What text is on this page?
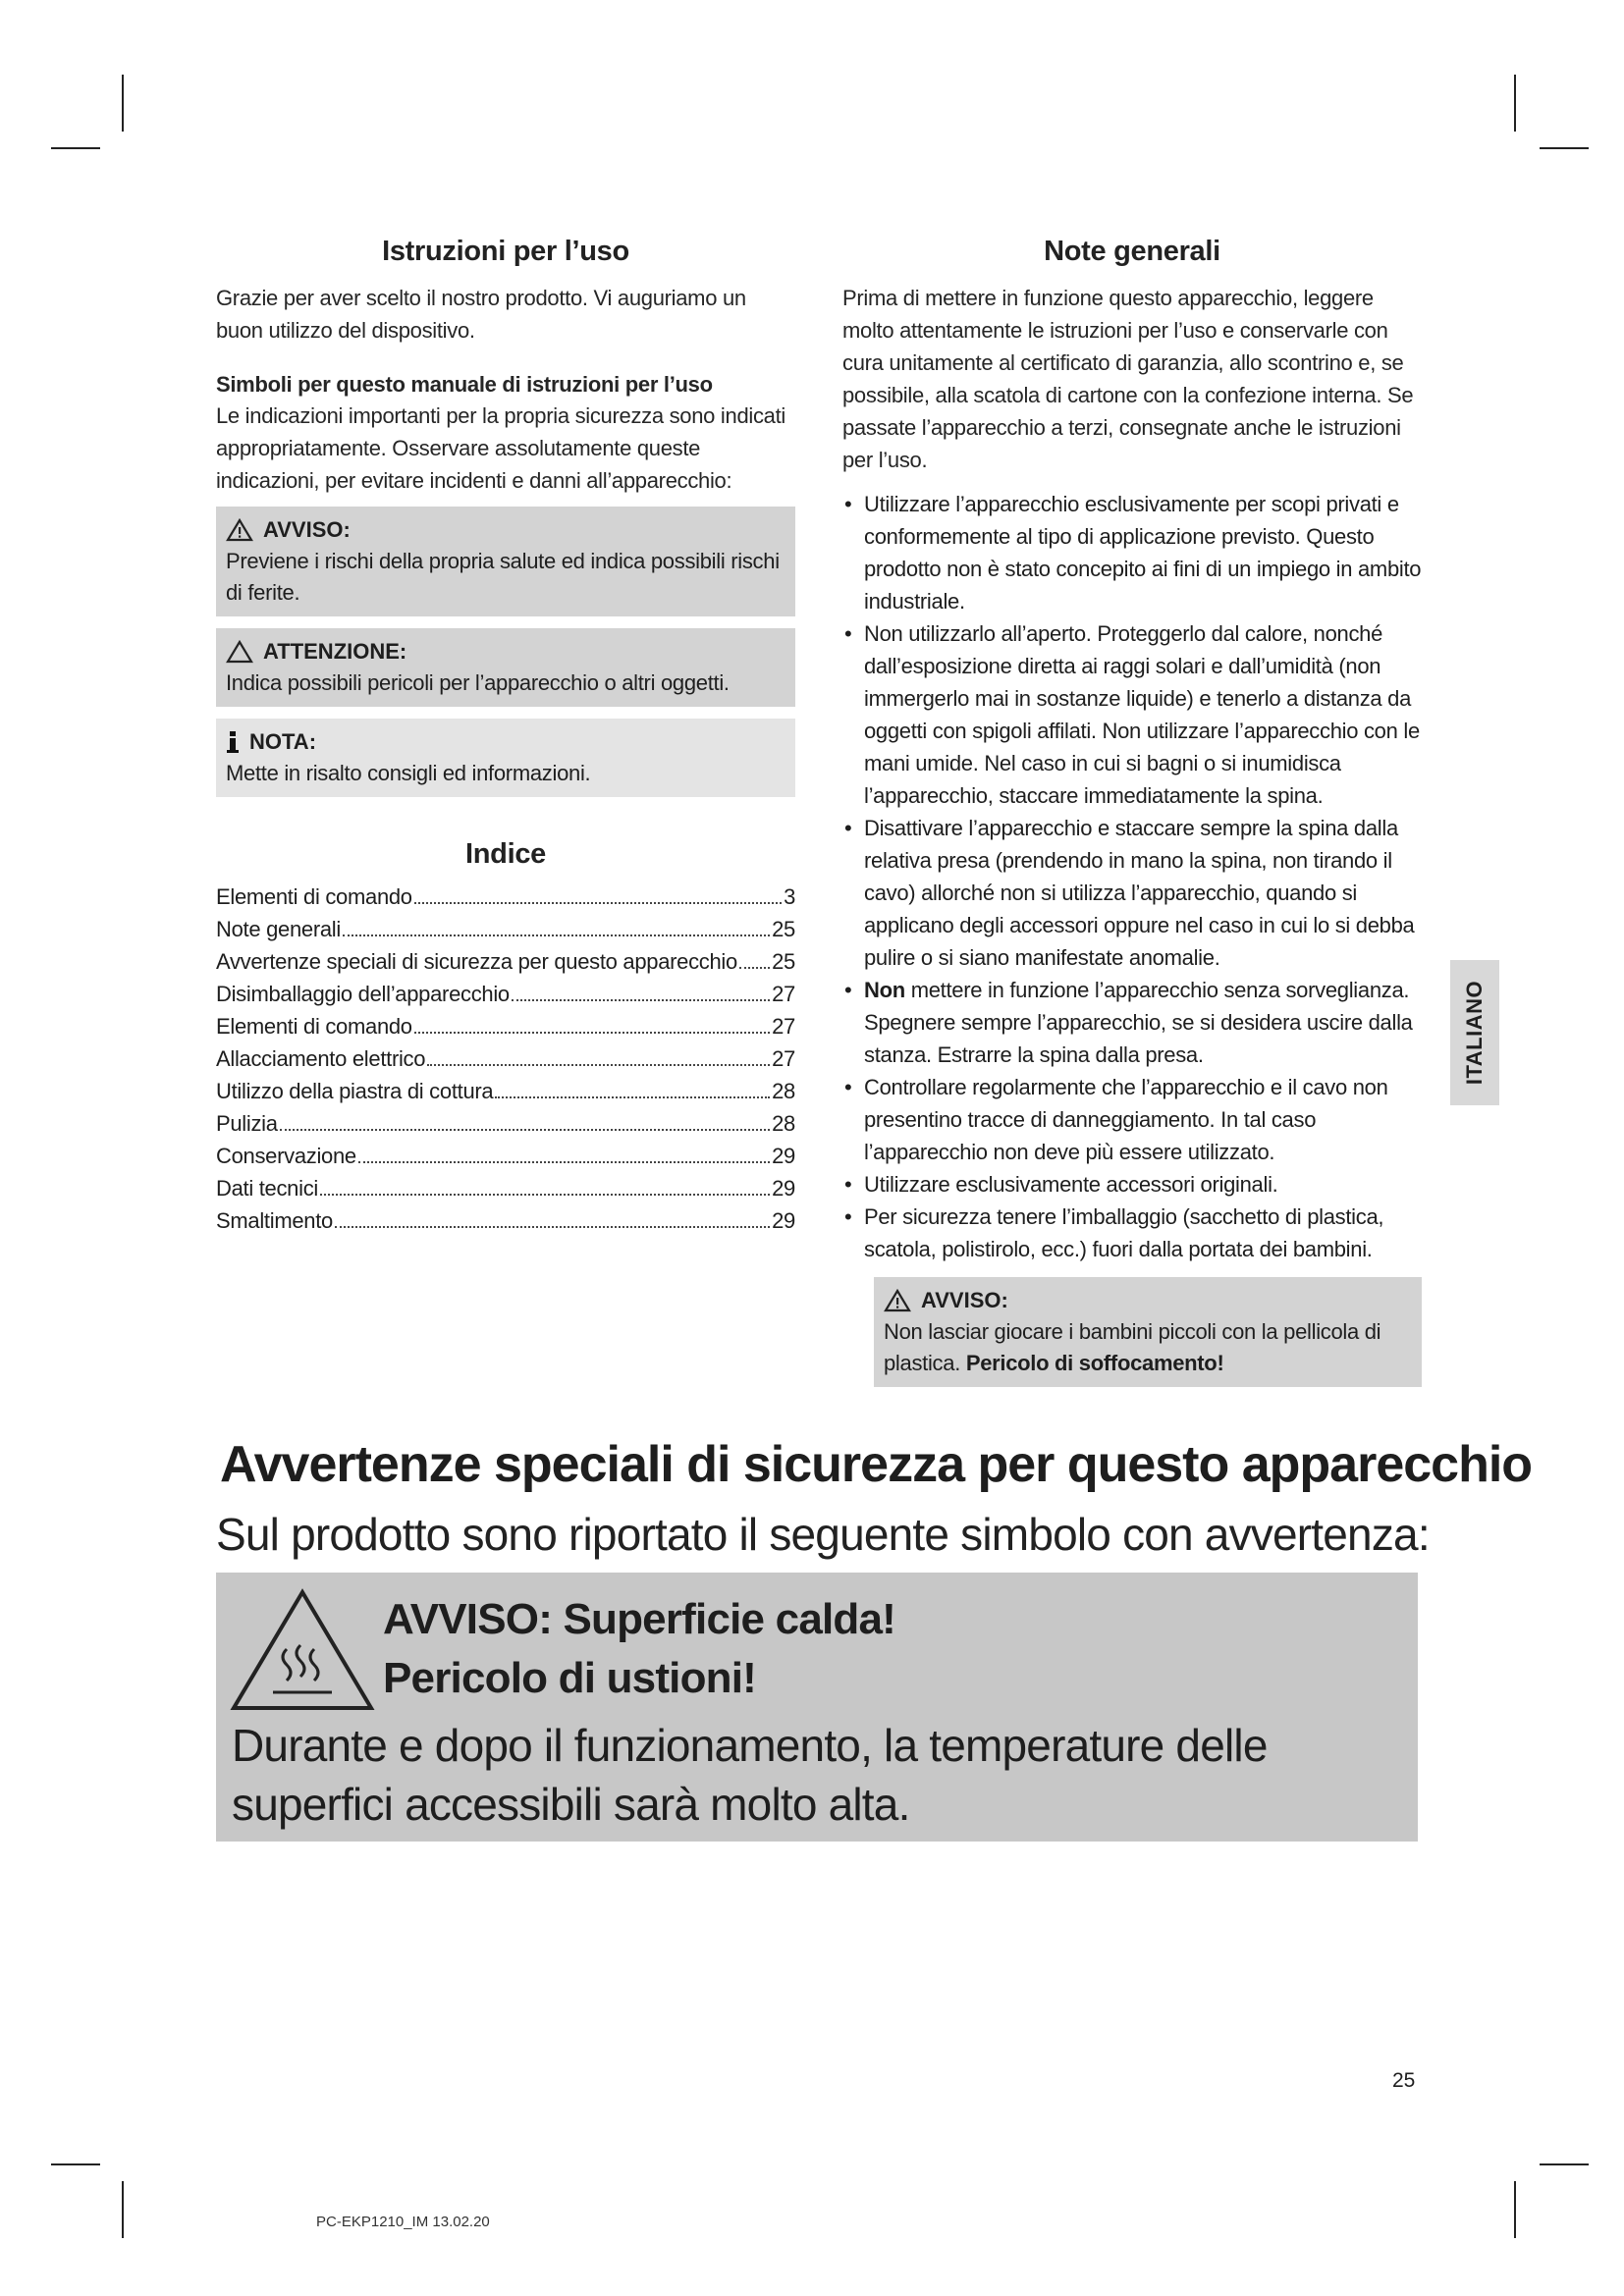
Istruzioni per l’uso

Grazie per aver scelto il nostro prodotto. Vi auguriamo un buon utilizzo del dispositivo.

Simboli per questo manuale di istruzioni per l’uso

Le indicazioni importanti per la propria sicurezza sono indicati appropriatamente. Osservare assolutamente queste indicazioni, per evitare incidenti e danni all’apparecchio:

AVVISO:
Previene i rischi della propria salute ed indica possibili rischi di ferite.
ATTENZIONE:
Indica possibili pericoli per l’apparecchio o altri oggetti.
NOTA:
Mette in risalto consigli ed informazioni.
Indice
Elementi di comando	3
Note generali	25
Avvertenze speciali di sicurezza per questo apparecchio 25
Disimballaggio dell’apparecchio	27
Elementi di comando	27
Allacciamento elettrico	27
Utilizzo della piastra di cottura	28
Pulizia	28
Conservazione	29
Dati tecnici	29
Smaltimento	29
Note generali

Prima di mettere in funzione questo apparecchio, leggere molto attentamente le istruzioni per l’uso e conservarle con cura unitamente al certificato di garanzia, allo scontrino e, se possibile, alla scatola di cartone con la confezione interna. Se passate l’apparecchio a terzi, consegnate anche le istruzioni per l’uso.

• Utilizzare l’apparecchio esclusivamente per scopi privati e conformemente al tipo di applicazione previsto. Questo prodotto non è stato concepito ai fini di un impiego in ambito industriale.
• Non utilizzarlo all’aperto. Proteggerlo dal calore, nonché dall’esposizione diretta ai raggi solari e dall’umidità (non immergerlo mai in sostanze liquide) e tenerlo a distanza da oggetti con spigoli affilati. Non utilizzare l’apparecchio con le mani umide. Nel caso in cui si bagni o si inumidisca l’apparecchio, staccare immediatamente la spina.
• Disattivare l’apparecchio e staccare sempre la spina dalla relativa presa (prendendo in mano la spina, non tirando il cavo) allorché non si utilizza l’apparecchio, quando si applicano degli accessori oppure nel caso in cui lo si debba pulire o si siano manifestate anomalie.
• Non mettere in funzione l’apparecchio senza sorveglianza. Spegnere sempre l’apparecchio, se si desidera uscire dalla stanza. Estrarre la spina dalla presa.
• Controllare regolarmente che l’apparecchio e il cavo non presentino tracce di danneggiamento. In tal caso l’apparecchio non deve più essere utilizzato.
• Utilizzare esclusivamente accessori originali.
• Per sicurezza tenere l’imballaggio (sacchetto di plastica, scatola, polistirolo, ecc.) fuori dalla portata dei bambini.
AVVISO:
Non lasciar giocare i bambini piccoli con la pellicola di plastica. Pericolo di soffocamento!
ITALIANO
Avvertenze speciali di sicurezza per questo apparecchio

Sul prodotto sono riportato il seguente simbolo con avvertenza:

AVVISO: Superficie calda!
Pericolo di ustioni!
Durante e dopo il funzionamento, la temperature delle superfici accessibili sarà molto alta.
25
PC-EKP1210_IM 13.02.20
